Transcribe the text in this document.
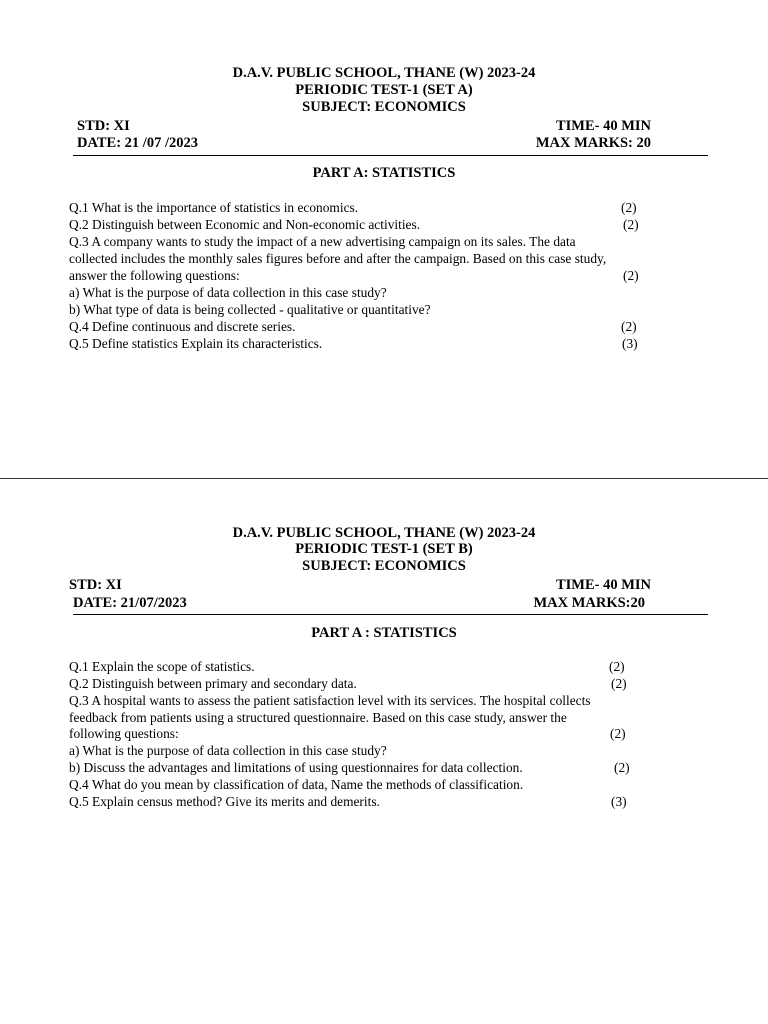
D.A.V. PUBLIC SCHOOL, THANE (W) 2023-24
PERIODIC TEST-1 (SET A)
SUBJECT: ECONOMICS
STD: XI	TIME- 40 MIN
DATE: 21 /07 /2023	MAX MARKS: 20
PART A: STATISTICS
Q.1 What is the importance of statistics in economics.	(2)
Q.2 Distinguish between Economic and Non-economic activities.	(2)
Q.3 A company wants to study the impact of a new advertising campaign on its sales. The data
collected includes the monthly sales figures before and after the campaign. Based on this case study,
answer the following questions:	(2)
a) What is the purpose of data collection in this case study?
b) What type of data is being collected - qualitative or quantitative?
Q.4 Define continuous and discrete series.	(2)
Q.5 Define statistics Explain its characteristics.	(3)
D.A.V. PUBLIC SCHOOL, THANE (W) 2023-24
PERIODIC TEST-1 (SET B)
SUBJECT: ECONOMICS
STD: XI	TIME- 40 MIN
DATE: 21/07/2023	MAX MARKS:20
PART A : STATISTICS
Q.1 Explain the scope of statistics.	(2)
Q.2 Distinguish between primary and secondary data.	(2)
Q.3 A hospital wants to assess the patient satisfaction level with its services. The hospital collects
feedback from patients using a structured questionnaire. Based on this case study, answer the
following questions:	(2)
a) What is the purpose of data collection in this case study?
b) Discuss the advantages and limitations of using questionnaires for data collection.	(2)
Q.4 What do you mean by classification of data, Name the methods of classification.
Q.5 Explain census method? Give its merits and demerits.	(3)
